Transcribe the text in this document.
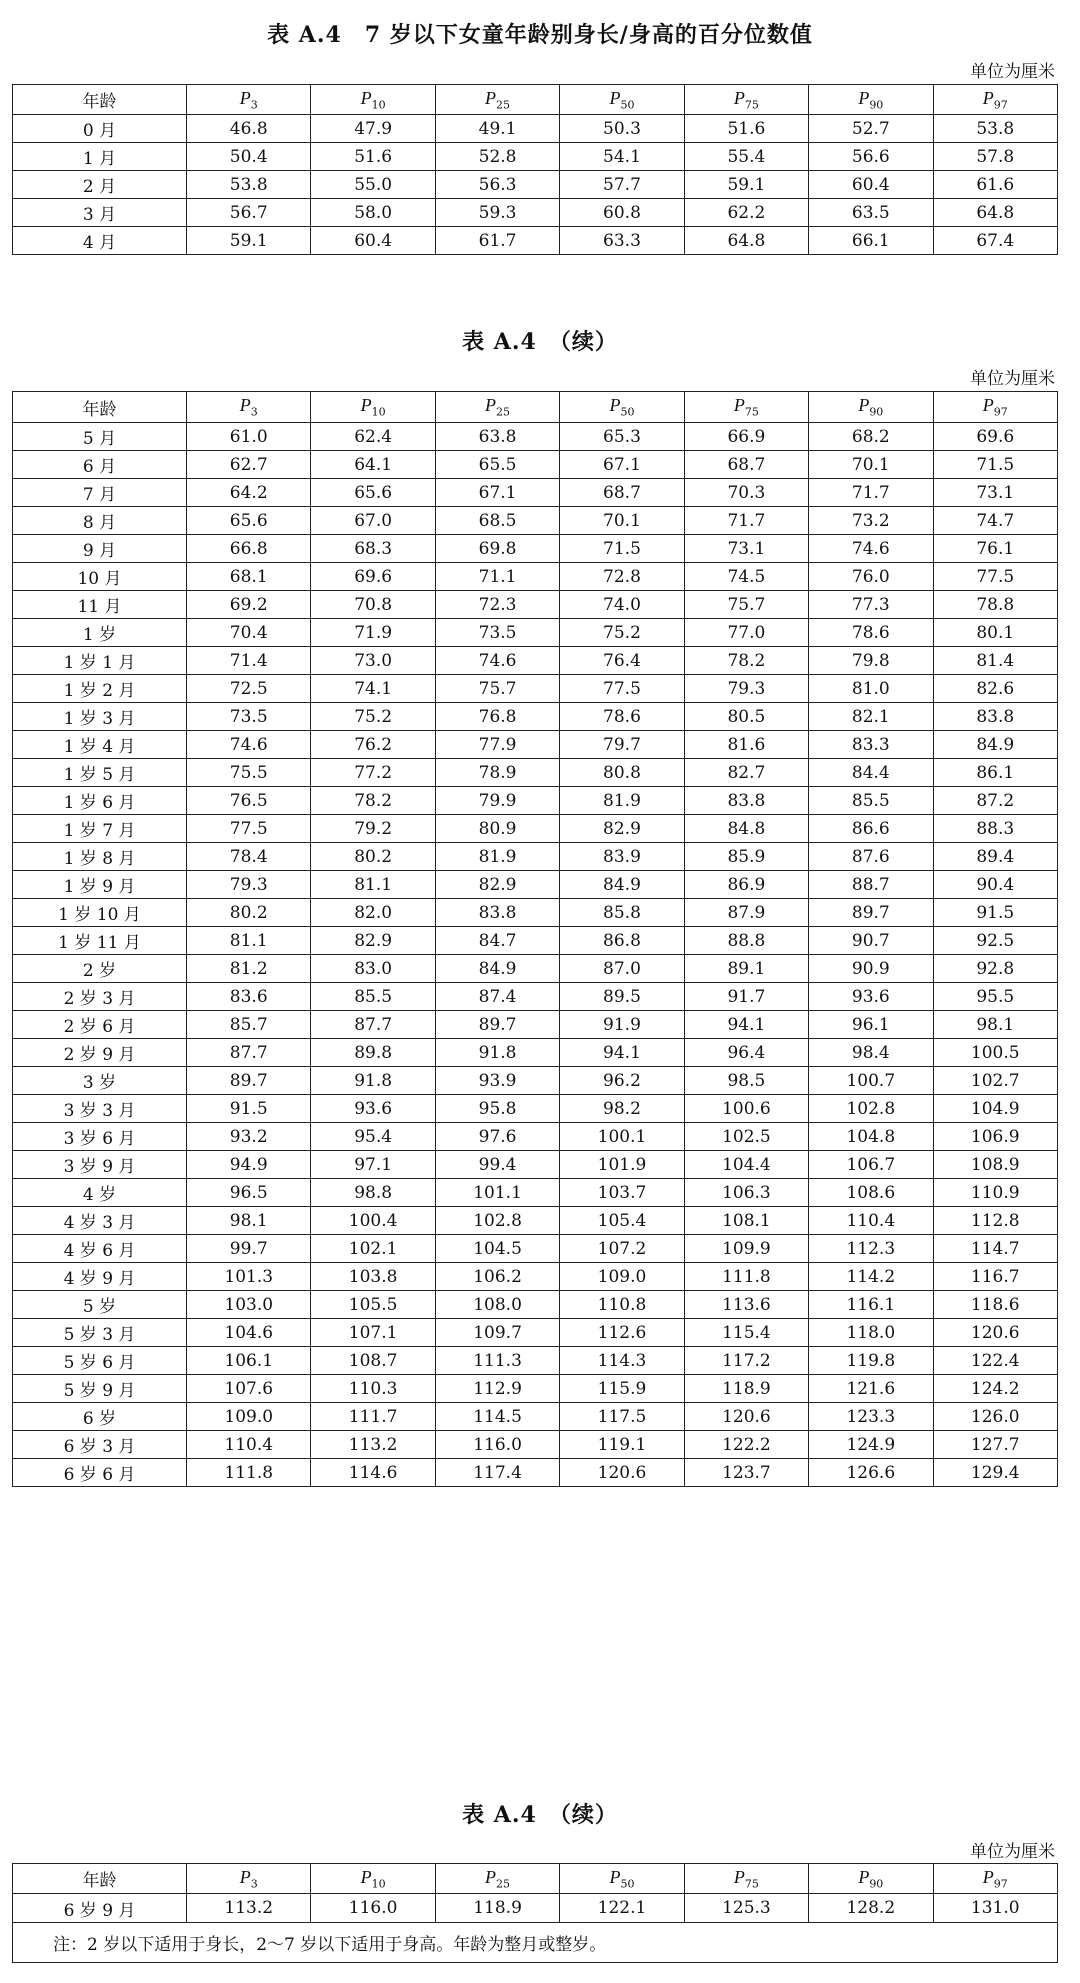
表 A.4　7 岁以下女童年龄别身长/身高的百分位数值
单位为厘米
年龄	$P_3$	$P_{10}$	$P_{25}$	$P_{50}$	$P_{75}$	$P_{90}$	$P_{97}$
0 月	46.8	47.9	49.1	50.3	51.6	52.7	53.8
1 月	50.4	51.6	52.8	54.1	55.4	56.6	57.8
2 月	53.8	55.0	56.3	57.7	59.1	60.4	61.6
3 月	56.7	58.0	59.3	60.8	62.2	63.5	64.8
4 月	59.1	60.4	61.7	63.3	64.8	66.1	67.4
表 A.4　（续）
单位为厘米
年龄	$P_3$	$P_{10}$	$P_{25}$	$P_{50}$	$P_{75}$	$P_{90}$	$P_{97}$
5 月	61.0	62.4	63.8	65.3	66.9	68.2	69.6
6 月	62.7	64.1	65.5	67.1	68.7	70.1	71.5
7 月	64.2	65.6	67.1	68.7	70.3	71.7	73.1
8 月	65.6	67.0	68.5	70.1	71.7	73.2	74.7
9 月	66.8	68.3	69.8	71.5	73.1	74.6	76.1
10 月	68.1	69.6	71.1	72.8	74.5	76.0	77.5
11 月	69.2	70.8	72.3	74.0	75.7	77.3	78.8
1 岁	70.4	71.9	73.5	75.2	77.0	78.6	80.1
1 岁 1 月	71.4	73.0	74.6	76.4	78.2	79.8	81.4
1 岁 2 月	72.5	74.1	75.7	77.5	79.3	81.0	82.6
1 岁 3 月	73.5	75.2	76.8	78.6	80.5	82.1	83.8
1 岁 4 月	74.6	76.2	77.9	79.7	81.6	83.3	84.9
1 岁 5 月	75.5	77.2	78.9	80.8	82.7	84.4	86.1
1 岁 6 月	76.5	78.2	79.9	81.9	83.8	85.5	87.2
1 岁 7 月	77.5	79.2	80.9	82.9	84.8	86.6	88.3
1 岁 8 月	78.4	80.2	81.9	83.9	85.9	87.6	89.4
1 岁 9 月	79.3	81.1	82.9	84.9	86.9	88.7	90.4
1 岁 10 月	80.2	82.0	83.8	85.8	87.9	89.7	91.5
1 岁 11 月	81.1	82.9	84.7	86.8	88.8	90.7	92.5
2 岁	81.2	83.0	84.9	87.0	89.1	90.9	92.8
2 岁 3 月	83.6	85.5	87.4	89.5	91.7	93.6	95.5
2 岁 6 月	85.7	87.7	89.7	91.9	94.1	96.1	98.1
2 岁 9 月	87.7	89.8	91.8	94.1	96.4	98.4	100.5
3 岁	89.7	91.8	93.9	96.2	98.5	100.7	102.7
3 岁 3 月	91.5	93.6	95.8	98.2	100.6	102.8	104.9
3 岁 6 月	93.2	95.4	97.6	100.1	102.5	104.8	106.9
3 岁 9 月	94.9	97.1	99.4	101.9	104.4	106.7	108.9
4 岁	96.5	98.8	101.1	103.7	106.3	108.6	110.9
4 岁 3 月	98.1	100.4	102.8	105.4	108.1	110.4	112.8
4 岁 6 月	99.7	102.1	104.5	107.2	109.9	112.3	114.7
4 岁 9 月	101.3	103.8	106.2	109.0	111.8	114.2	116.7
5 岁	103.0	105.5	108.0	110.8	113.6	116.1	118.6
5 岁 3 月	104.6	107.1	109.7	112.6	115.4	118.0	120.6
5 岁 6 月	106.1	108.7	111.3	114.3	117.2	119.8	122.4
5 岁 9 月	107.6	110.3	112.9	115.9	118.9	121.6	124.2
6 岁	109.0	111.7	114.5	117.5	120.6	123.3	126.0
6 岁 3 月	110.4	113.2	116.0	119.1	122.2	124.9	127.7
6 岁 6 月	111.8	114.6	117.4	120.6	123.7	126.6	129.4
表 A.4　（续）
单位为厘米
年龄	$P_3$	$P_{10}$	$P_{25}$	$P_{50}$	$P_{75}$	$P_{90}$	$P_{97}$
6 岁 9 月	113.2	116.0	118.9	122.1	125.3	128.2	131.0
注：2 岁以下适用于身长，2～7 岁以下适用于身高。年龄为整月或整岁。							
